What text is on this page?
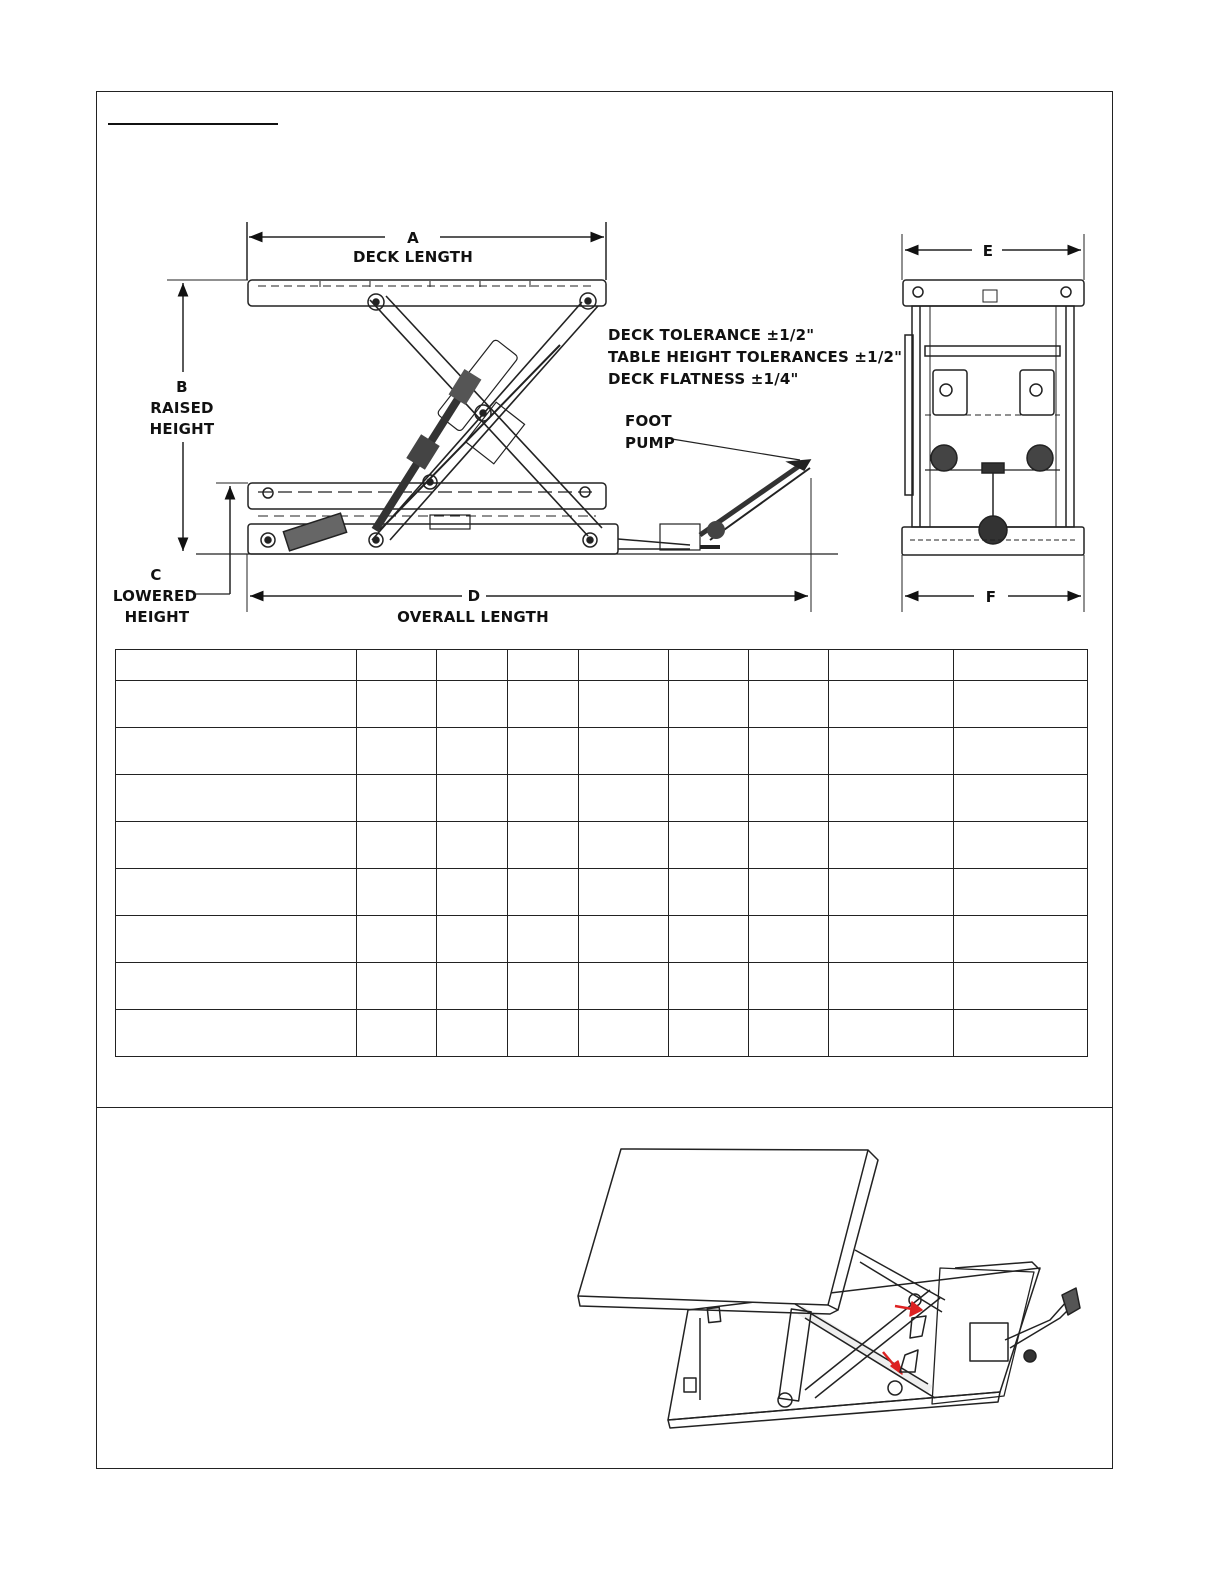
A
DECK LENGTH
B
RAISED
HEIGHT
C
LOWERED
HEIGHT
D
OVERALL LENGTH
FOOT
PUMP
DECK TOLERANCE ±1/2"
TABLE HEIGHT TOLERANCES ±1/2"
DECK FLATNESS ±1/4"
E
F
